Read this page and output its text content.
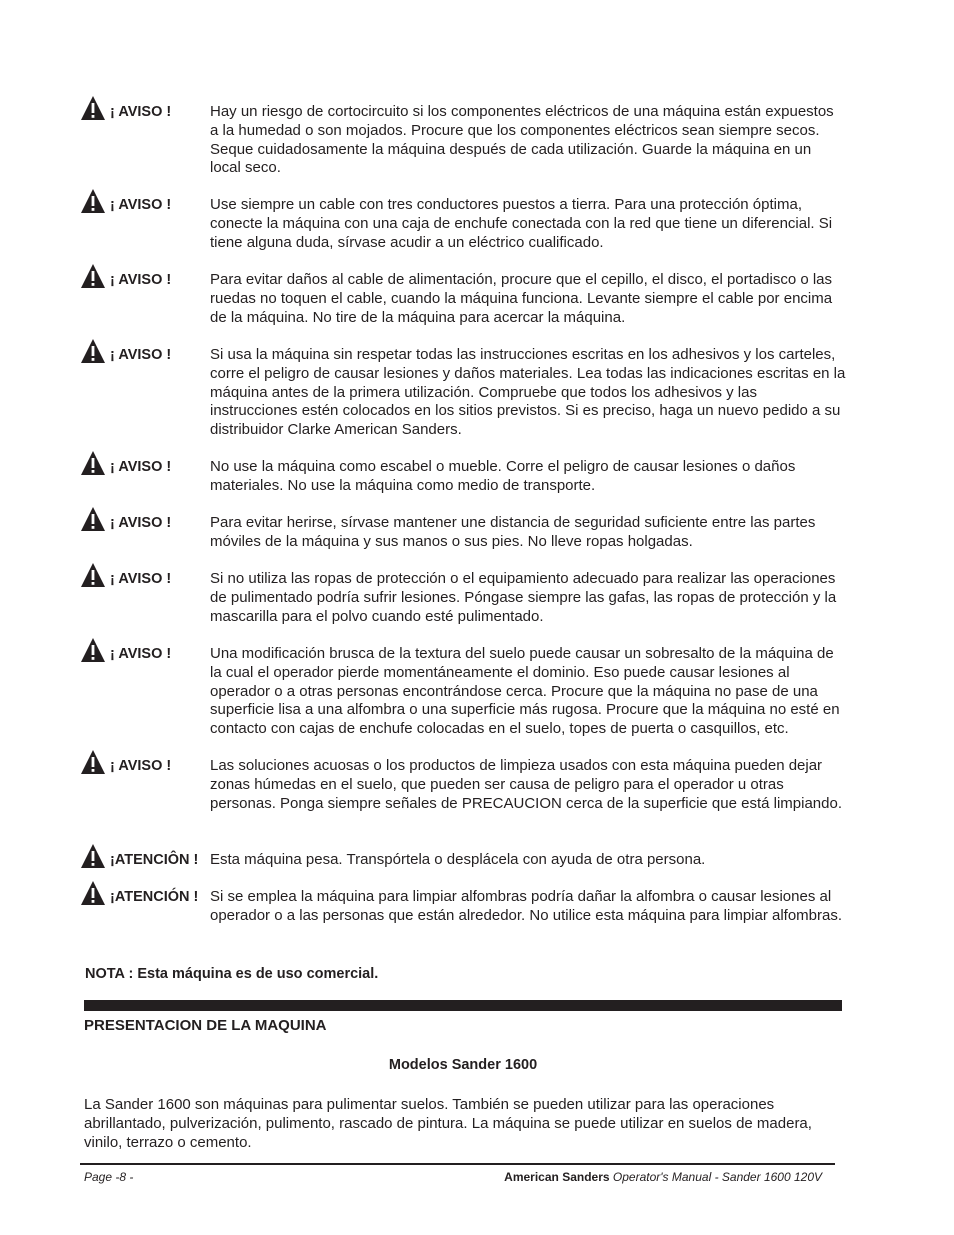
¡ AVISO !	Hay un riesgo de cortocircuito si los componentes eléctricos de una máquina están expuestos a la humedad o son mojados. Procure que los componentes eléctricos sean siempre secos. Seque cuidadosamente la máquina después de cada utilización. Guarde la máquina en un local seco.
¡ AVISO !	Use siempre un cable con tres conductores puestos a tierra. Para una protección óptima, conecte la máquina con una caja de enchufe conectada con la red que tiene un diferencial. Si tiene alguna duda, sírvase acudir a un eléctrico cualificado.
¡ AVISO !	Para evitar daños al cable de alimentación, procure que el cepillo, el disco, el portadisco o las ruedas no toquen el cable, cuando la máquina funciona. Levante siempre el cable por encima de la máquina. No tire de la máquina para acercar la máquina.
¡ AVISO !	Si usa la máquina sin respetar todas las instrucciones escritas en los adhesivos y los carteles, corre el peligro de causar lesiones y daños materiales. Lea todas las indicaciones escritas en la máquina antes de la primera utilización. Compruebe que todos los adhesivos y las instrucciones estén colocados en los sitios previstos. Si es preciso, haga un nuevo pedido a su distribuidor Clarke American Sanders.
¡ AVISO !	No use la máquina como escabel o mueble. Corre el peligro de causar lesiones o daños materiales. No use la máquina como medio de transporte.
¡ AVISO !	Para evitar herirse, sírvase mantener une distancia de seguridad suficiente entre las partes móviles de la máquina y sus manos o sus pies. No lleve ropas holgadas.
¡ AVISO !	Si no utiliza las ropas de protección o el equipamiento adecuado para realizar las operaciones de pulimentado podría sufrir lesiones. Póngase siempre las gafas, las ropas de protección y la mascarilla para el polvo cuando esté pulimentado.
¡ AVISO !	Una modificación brusca de la textura del suelo puede causar un sobresalto de la máquina de la cual el operador pierde momentáneamente el dominio. Eso puede causar lesiones al operador o a otras personas encontrándose cerca. Procure que la máquina no pase de una superficie lisa a una alfombra o una superficie más rugosa. Procure que la máquina no esté en contacto con cajas de enchufe colocadas en el suelo, topes de puerta o casquillos, etc.
¡ AVISO !	Las soluciones acuosas o los productos de limpieza usados con esta máquina pueden dejar zonas húmedas en el suelo, que pueden ser causa de peligro para el operador u otras personas. Ponga siempre señales de PRECAUCION cerca de la superficie que está limpiando.
¡ATENCIÔN ! Esta máquina pesa. Transpórtela o desplácela con ayuda de otra persona.
¡ATENCIÓN ! Si se emplea la máquina para limpiar alfombras podría dañar la alfombra o causar lesiones al operador o a las personas que están alrededor. No utilice esta máquina para limpiar alfombras.
NOTA : Esta máquina es de uso comercial.
PRESENTACION DE LA MAQUINA
Modelos Sander 1600
La Sander 1600 son máquinas para pulimentar suelos. También se pueden utilizar para las operaciones abrillantado, pulverización, pulimento, rascado de pintura. La máquina se puede utilizar en suelos de madera, vinilo, terrazo o cemento.
Page -8 -	American Sanders Operator's Manual - Sander 1600 120V
